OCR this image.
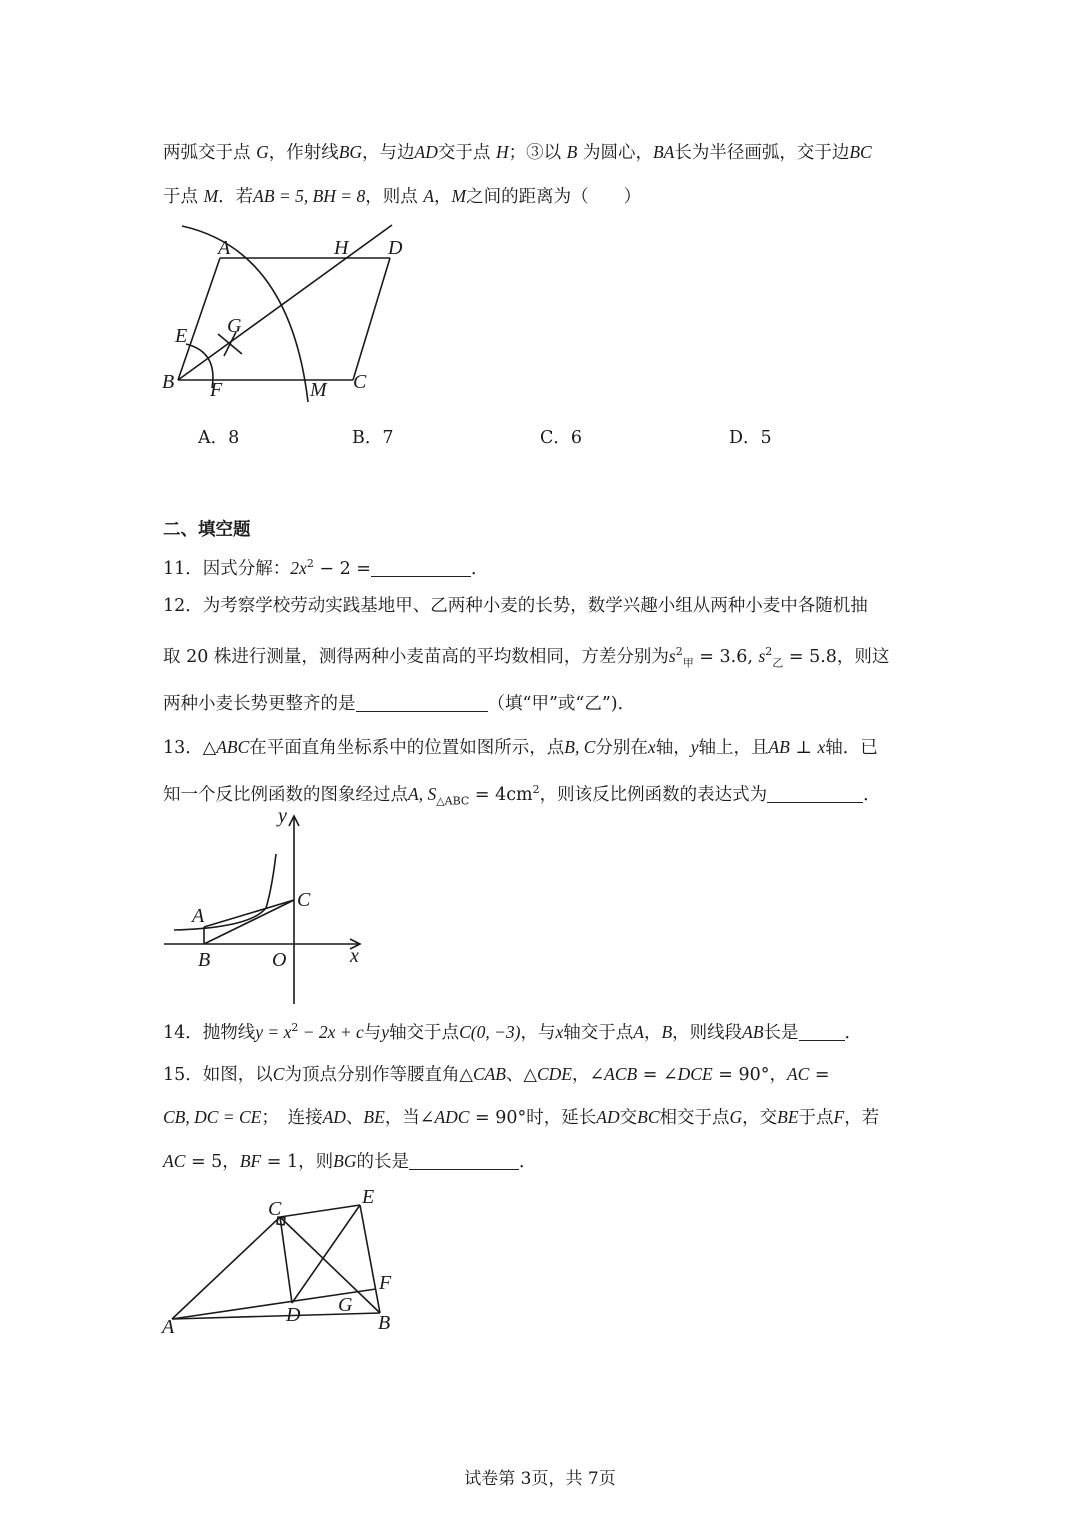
两弧交于点 G，作射线BG，与边AD交于点 H；③以 B 为圆心，BA长为半径画弧，交于边BC
于点 M．若AB = 5, BH = 8，则点 A，M之间的距离为（　　）
A	H D
E G
B F	M C
A．8	B．7	C．6	D．5
二、填空题
11．因式分解：$2x^2 - 2$ =	．
12．为考察学校劳动实践基地甲、乙两种小麦的长势，数学兴趣小组从两种小麦中各随机抽
取 20 株进行测量，测得两种小麦苗高的平均数相同，方差分别为$s^2_甲 = 3.6$, $s^2_乙 = 5.8$，则这
两种小麦长势更整齐的是	（填“甲”或“乙”)．
13．△ABC在平面直角坐标系中的位置如图所示，点B, C分别在x轴，y轴上，且AB ⊥ x轴．已
知一个反比例函数的图象经过点A, $S_{\triangle ABC} = 4cm^2$，则该反比例函数的表达式为	．
y
A
C
B	O	x
14．抛物线$y = x^2 - 2x + c$与y轴交于点C(0, −3)，与x轴交于点A，B，则线段AB长是	．
15．如图，以C为顶点分别作等腰直角△CAB、△CDE，∠ACB = ∠DCE = 90°，AC =
CB, DC = CE；　连接AD、BE，当∠ADC = 90°时，延长AD交BC相交于点G，交BE于点F，若
AC = 5，BF = 1，则BG的长是	．
C
E
F
D G
A	B
试卷第 3页，共 7页
